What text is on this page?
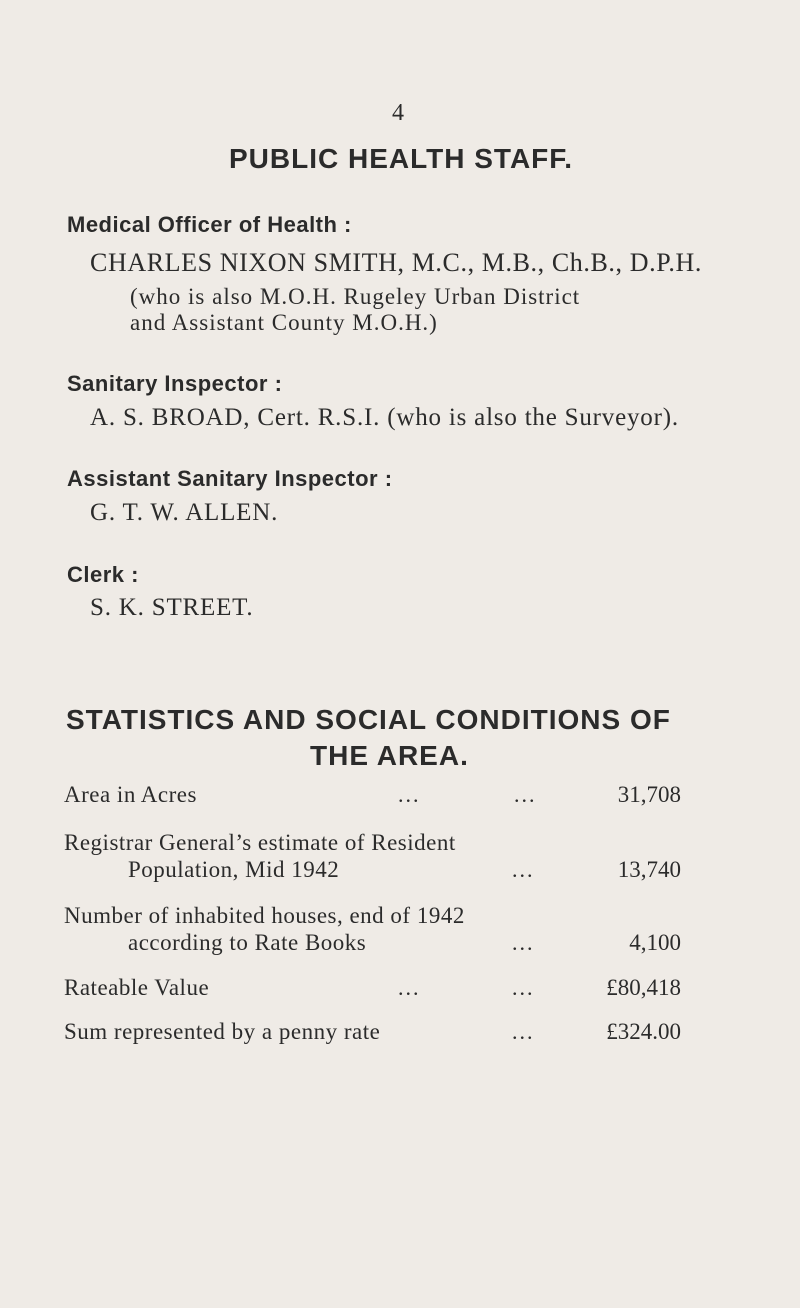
4
PUBLIC HEALTH STAFF.
Medical Officer of Health :
CHARLES NIXON SMITH, M.C., M.B., Ch.B., D.P.H.
(who is also M.O.H. Rugeley Urban District
and Assistant County M.O.H.)
Sanitary Inspector :
A. S. BROAD, Cert. R.S.I. (who is also the Surveyor).
Assistant Sanitary Inspector :
G. T. W. ALLEN.
Clerk :
S. K. STREET.
STATISTICS AND SOCIAL CONDITIONS OF
THE AREA.
Area in Acres	...	...	31,708
Registrar General’s estimate of Resident
Population, Mid 1942	...	13,740
Number of inhabited houses, end of 1942
according to Rate Books	...	4,100
Rateable Value	...	...	£80,418
Sum represented by a penny rate	...	£324.00
